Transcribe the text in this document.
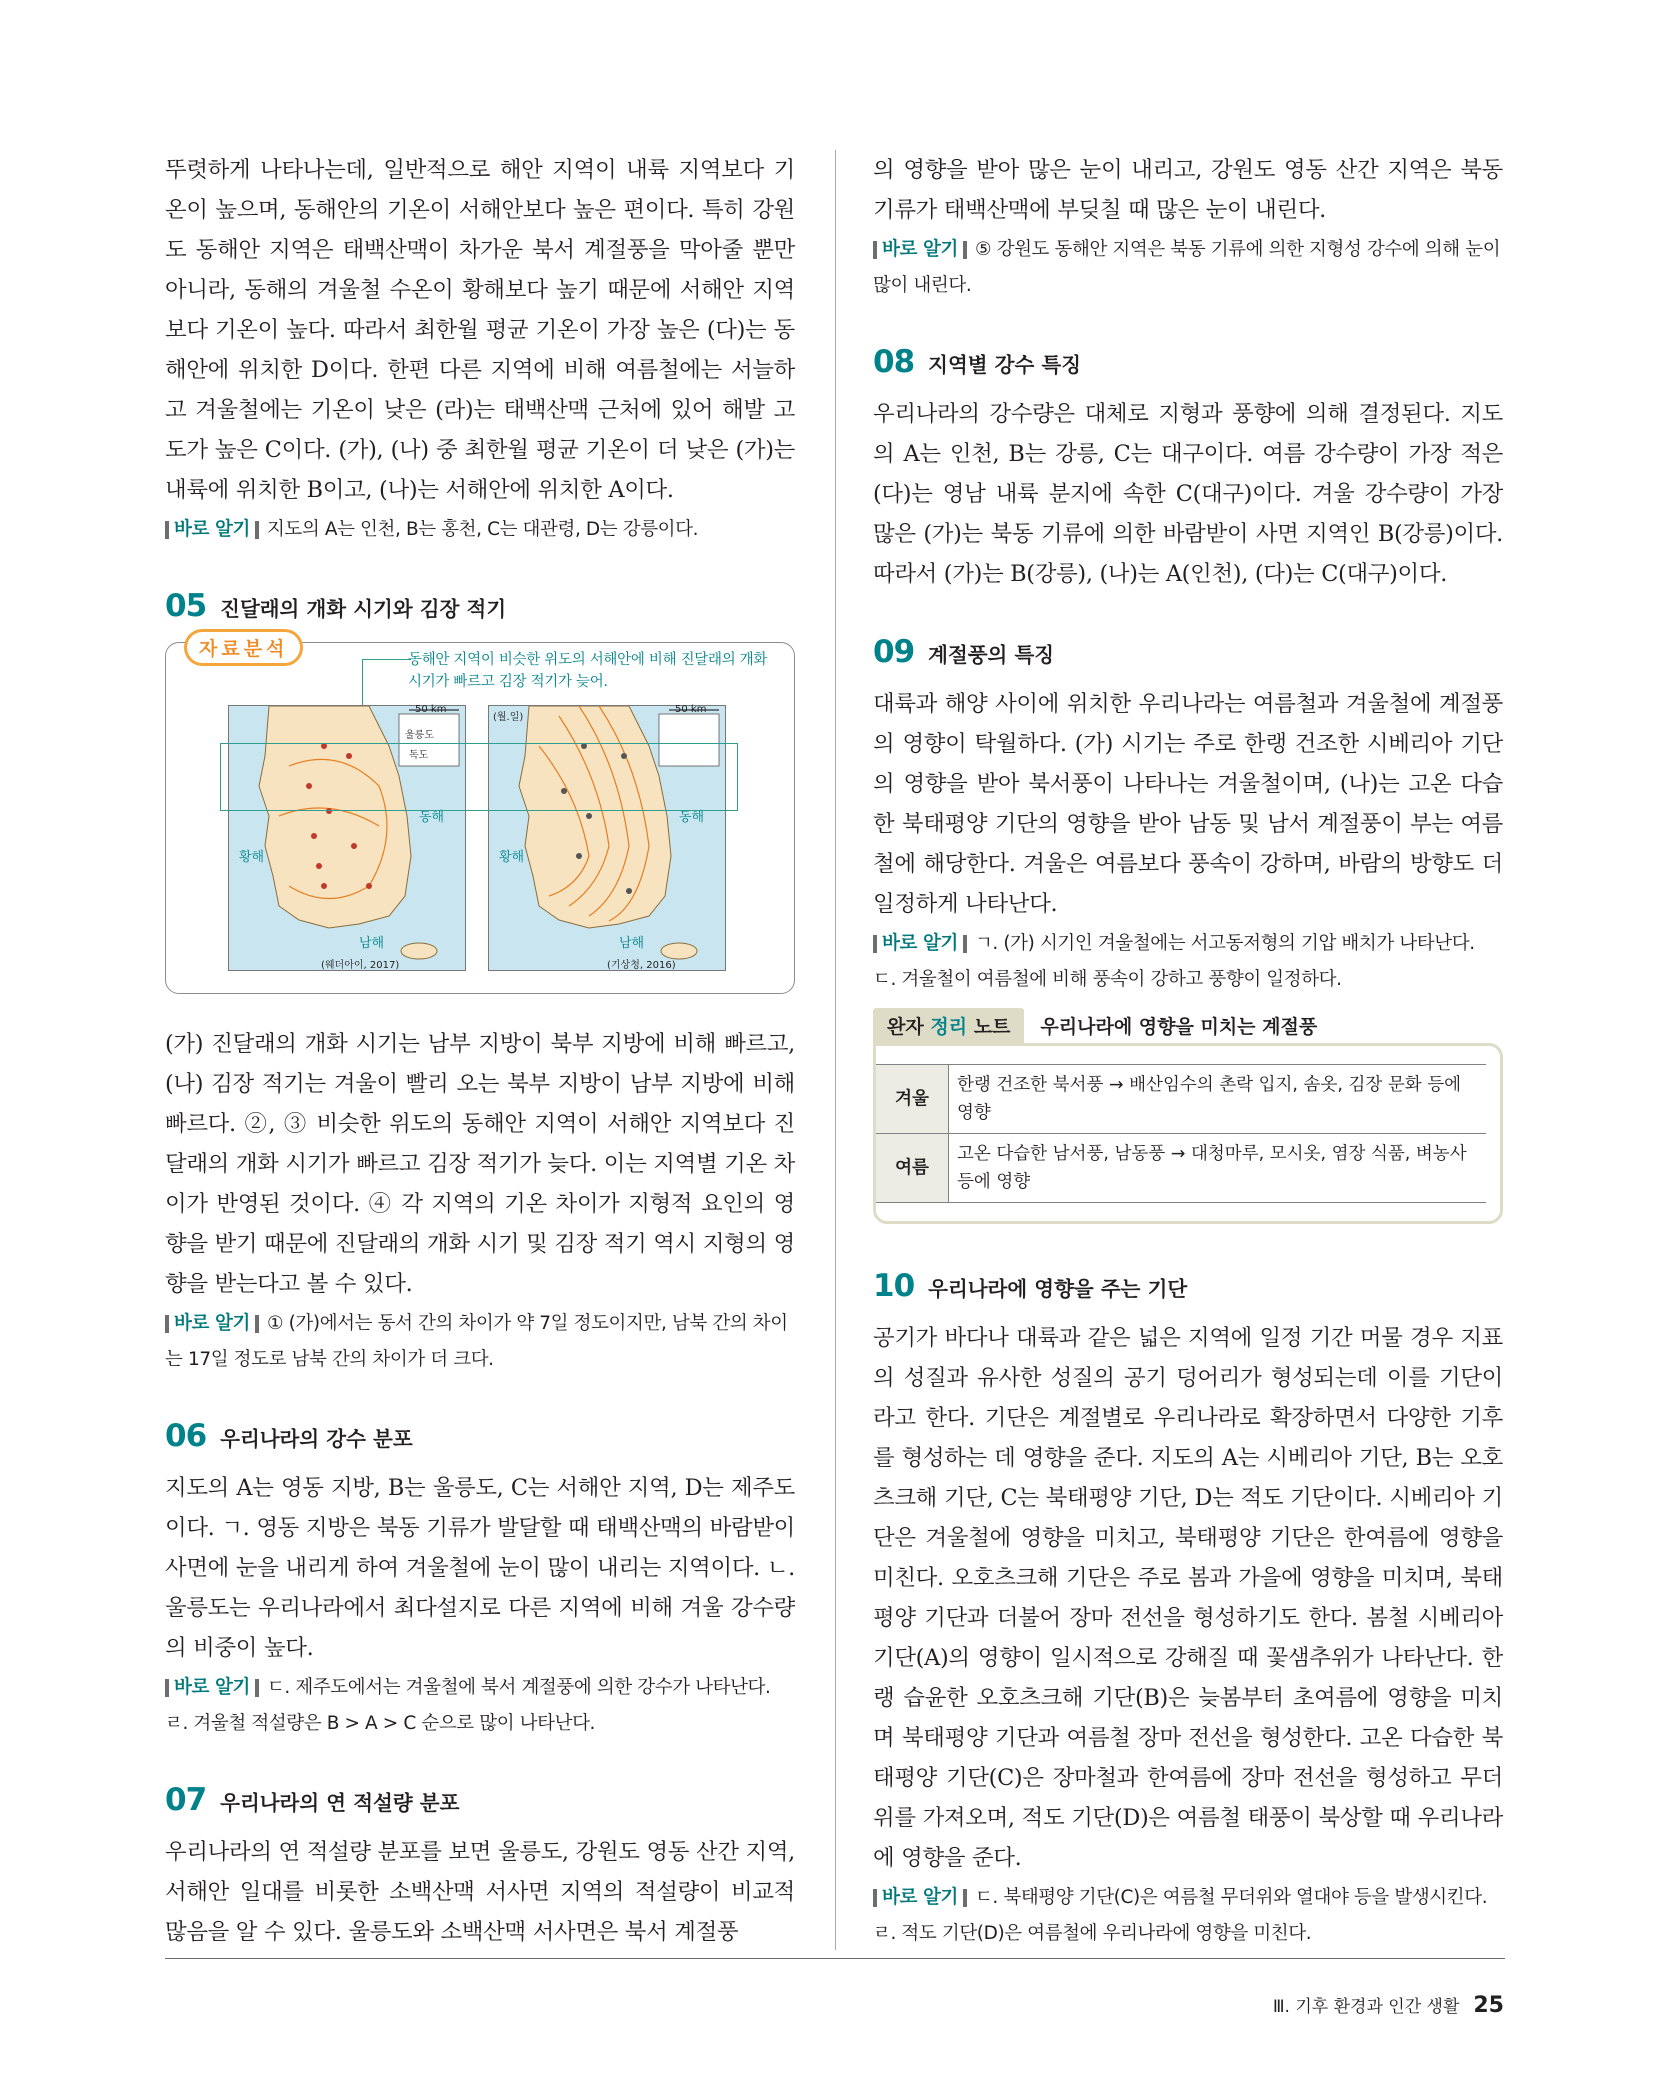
뚜렷하게 나타나는데, 일반적으로 해안 지역이 내륙 지역보다 기온이 높으며, 동해안의 기온이 서해안보다 높은 편이다. 특히 강원도 동해안 지역은 태백산맥이 차가운 북서 계절풍을 막아줄 뿐만 아니라, 동해의 겨울철 수온이 황해보다 높기 때문에 서해안 지역보다 기온이 높다. 따라서 최한월 평균 기온이 가장 높은 (다)는 동해안에 위치한 D이다. 한편 다른 지역에 비해 여름철에는 서늘하고 겨울철에는 기온이 낮은 (라)는 태백산맥 근처에 있어 해발 고도가 높은 C이다. (가), (나) 중 최한월 평균 기온이 더 낮은 (가)는 내륙에 위치한 B이고, (나)는 서해안에 위치한 A이다.

바로 알기 지도의 A는 인천, B는 홍천, C는 대관령, D는 강릉이다.
05 진달래의 개화 시기와 김장 적기
자료분석	동해안 지역이 비슷한 위도의 서해안에 비해 진달래의 개화 시기가 빠르고 김장 적기가 늦어.
(웨더아이, 2017)
황해
동해
남해
독도
울릉도
50 km
(기상청, 2016)
(월.일)
황해
동해
남해
50 km

(가) 진달래의 개화 시기는 남부 지방이 북부 지방에 비해 빠르고, (나) 김장 적기는 겨울이 빨리 오는 북부 지방이 남부 지방에 비해 빠르다. ②, ③ 비슷한 위도의 동해안 지역이 서해안 지역보다 진달래의 개화 시기가 빠르고 김장 적기가 늦다. 이는 지역별 기온 차이가 반영된 것이다. ④ 각 지역의 기온 차이가 지형적 요인의 영향을 받기 때문에 진달래의 개화 시기 및 김장 적기 역시 지형의 영향을 받는다고 볼 수 있다.

바로 알기 ① (가)에서는 동서 간의 차이가 약 7일 정도이지만, 남북 간의 차이는 17일 정도로 남북 간의 차이가 더 크다.
06 우리나라의 강수 분포

지도의 A는 영동 지방, B는 울릉도, C는 서해안 지역, D는 제주도이다. ㄱ. 영동 지방은 북동 기류가 발달할 때 태백산맥의 바람받이 사면에 눈을 내리게 하여 겨울철에 눈이 많이 내리는 지역이다. ㄴ. 울릉도는 우리나라에서 최다설지로 다른 지역에 비해 겨울 강수량의 비중이 높다.

바로 알기 ㄷ. 제주도에서는 겨울철에 북서 계절풍에 의한 강수가 나타난다. ㄹ. 겨울철 적설량은 B > A > C 순으로 많이 나타난다.
07 우리나라의 연 적설량 분포

우리나라의 연 적설량 분포를 보면 울릉도, 강원도 영동 산간 지역, 서해안 일대를 비롯한 소백산맥 서사면 지역의 적설량이 비교적 많음을 알 수 있다. 울릉도와 소백산맥 서사면은 북서 계절풍

의 영향을 받아 많은 눈이 내리고, 강원도 영동 산간 지역은 북동 기류가 태백산맥에 부딪칠 때 많은 눈이 내린다.

바로 알기 ⑤ 강원도 동해안 지역은 북동 기류에 의한 지형성 강수에 의해 눈이 많이 내린다.
08 지역별 강수 특징

우리나라의 강수량은 대체로 지형과 풍향에 의해 결정된다. 지도의 A는 인천, B는 강릉, C는 대구이다. 여름 강수량이 가장 적은 (다)는 영남 내륙 분지에 속한 C(대구)이다. 겨울 강수량이 가장 많은 (가)는 북동 기류에 의한 바람받이 사면 지역인 B(강릉)이다. 따라서 (가)는 B(강릉), (나)는 A(인천), (다)는 C(대구)이다.

09 계절풍의 특징

대륙과 해양 사이에 위치한 우리나라는 여름철과 겨울철에 계절풍의 영향이 탁월하다. (가) 시기는 주로 한랭 건조한 시베리아 기단의 영향을 받아 북서풍이 나타나는 겨울철이며, (나)는 고온 다습한 북태평양 기단의 영향을 받아 남동 및 남서 계절풍이 부는 여름철에 해당한다. 겨울은 여름보다 풍속이 강하며, 바람의 방향도 더 일정하게 나타난다.

바로 알기 ㄱ. (가) 시기인 겨울철에는 서고동저형의 기압 배치가 나타난다. ㄷ. 겨울철이 여름철에 비해 풍속이 강하고 풍향이 일정하다.
완자 정리 노트	우리나라에 영향을 미치는 계절풍
겨울	한랭 건조한 북서풍 → 배산임수의 촌락 입지, 솜옷, 김장 문화 등에 영향
여름	고온 다습한 남서풍, 남동풍 → 대청마루, 모시옷, 염장 식품, 벼농사 등에 영향
10 우리나라에 영향을 주는 기단

공기가 바다나 대륙과 같은 넓은 지역에 일정 기간 머물 경우 지표의 성질과 유사한 성질의 공기 덩어리가 형성되는데 이를 기단이라고 한다. 기단은 계절별로 우리나라로 확장하면서 다양한 기후를 형성하는 데 영향을 준다. 지도의 A는 시베리아 기단, B는 오호츠크해 기단, C는 북태평양 기단, D는 적도 기단이다. 시베리아 기단은 겨울철에 영향을 미치고, 북태평양 기단은 한여름에 영향을 미친다. 오호츠크해 기단은 주로 봄과 가을에 영향을 미치며, 북태평양 기단과 더불어 장마 전선을 형성하기도 한다. 봄철 시베리아 기단(A)의 영향이 일시적으로 강해질 때 꽃샘추위가 나타난다. 한랭 습윤한 오호츠크해 기단(B)은 늦봄부터 초여름에 영향을 미치며 북태평양 기단과 여름철 장마 전선을 형성한다. 고온 다습한 북태평양 기단(C)은 장마철과 한여름에 장마 전선을 형성하고 무더위를 가져오며, 적도 기단(D)은 여름철 태풍이 북상할 때 우리나라에 영향을 준다.

바로 알기 ㄷ. 북태평양 기단(C)은 여름철 무더위와 열대야 등을 발생시킨다. ㄹ. 적도 기단(D)은 여름철에 우리나라에 영향을 미친다.
Ⅲ. 기후 환경과 인간 생활 25
